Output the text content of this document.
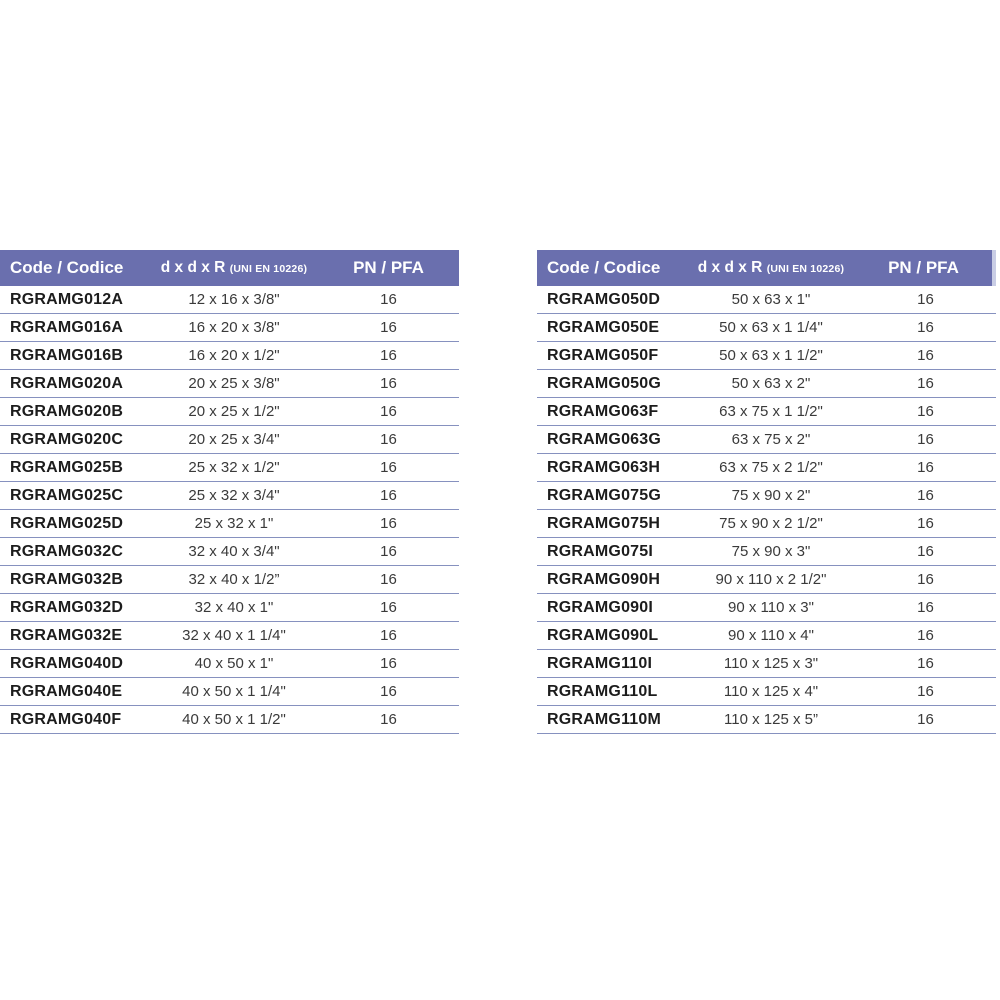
Code / Codice	d x d x R (UNI EN 10226)	PN / PFA
RGRAMG012A	12 x 16 x 3/8"	16
RGRAMG016A	16 x 20 x 3/8"	16
RGRAMG016B	16 x 20 x 1/2"	16
RGRAMG020A	20 x 25 x 3/8"	16
RGRAMG020B	20 x 25 x 1/2"	16
RGRAMG020C	20 x 25 x 3/4"	16
RGRAMG025B	25 x 32 x 1/2"	16
RGRAMG025C	25 x 32 x 3/4"	16
RGRAMG025D	25 x 32 x 1"	16
RGRAMG032C	32 x 40 x 3/4"	16
RGRAMG032B	32 x 40 x 1/2”	16
RGRAMG032D	32 x 40 x 1"	16
RGRAMG032E	32 x 40 x 1 1/4"	16
RGRAMG040D	40 x 50 x 1"	16
RGRAMG040E	40 x 50 x 1 1/4"	16
RGRAMG040F	40 x 50 x 1 1/2"	16
Code / Codice	d x d x R (UNI EN 10226)	PN / PFA
RGRAMG050D	50 x 63 x 1"	16
RGRAMG050E	50 x 63 x 1 1/4"	16
RGRAMG050F	50 x 63 x 1 1/2"	16
RGRAMG050G	50 x 63 x 2"	16
RGRAMG063F	63 x 75 x 1 1/2"	16
RGRAMG063G	63 x 75 x 2"	16
RGRAMG063H	63 x 75 x 2 1/2"	16
RGRAMG075G	75 x 90 x 2"	16
RGRAMG075H	75 x 90 x 2 1/2"	16
RGRAMG075I	75 x 90 x 3"	16
RGRAMG090H	90 x 110 x 2 1/2"	16
RGRAMG090I	90 x 110 x 3"	16
RGRAMG090L	90 x 110 x 4"	16
RGRAMG110I	110 x 125 x 3"	16
RGRAMG110L	110 x 125 x 4"	16
RGRAMG110M	110 x 125 x 5”	16
